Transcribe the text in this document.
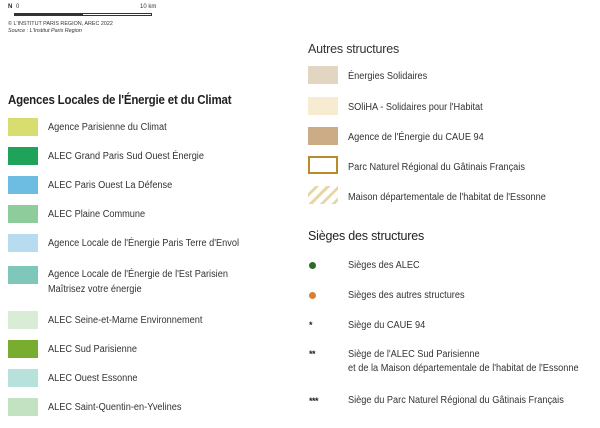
N 0	10 km
© L'INSTITUT PARIS REGION, AREC 2022
Source : L'Institut Paris Region
Agences Locales de l'Énergie et du Climat
Agence Parisienne du Climat
ALEC Grand Paris Sud Ouest Énergie
ALEC Paris Ouest La Défense
ALEC Plaine Commune
Agence Locale de l'Énergie Paris Terre d'Envol
Agence Locale de l'Énergie de l'Est Parisien
Maîtrisez votre énergie
ALEC Seine-et-Marne Environnement
ALEC Sud Parisienne
ALEC Ouest Essonne
ALEC Saint-Quentin-en-Yvelines
Autres structures
Énergies Solidaires
SOliHA - Solidaires pour l'Habitat
Agence de l'Énergie du CAUE 94
Parc Naturel Régional du Gâtinais Français
Maison départementale de l'habitat de l'Essonne
Sièges des structures
Sièges des ALEC
Sièges des autres structures
*	Siège du CAUE 94
**	Siège de l'ALEC Sud Parisienne
et de la Maison départementale de l'habitat de l'Essonne
***	Siège du Parc Naturel Régional du Gâtinais Français
